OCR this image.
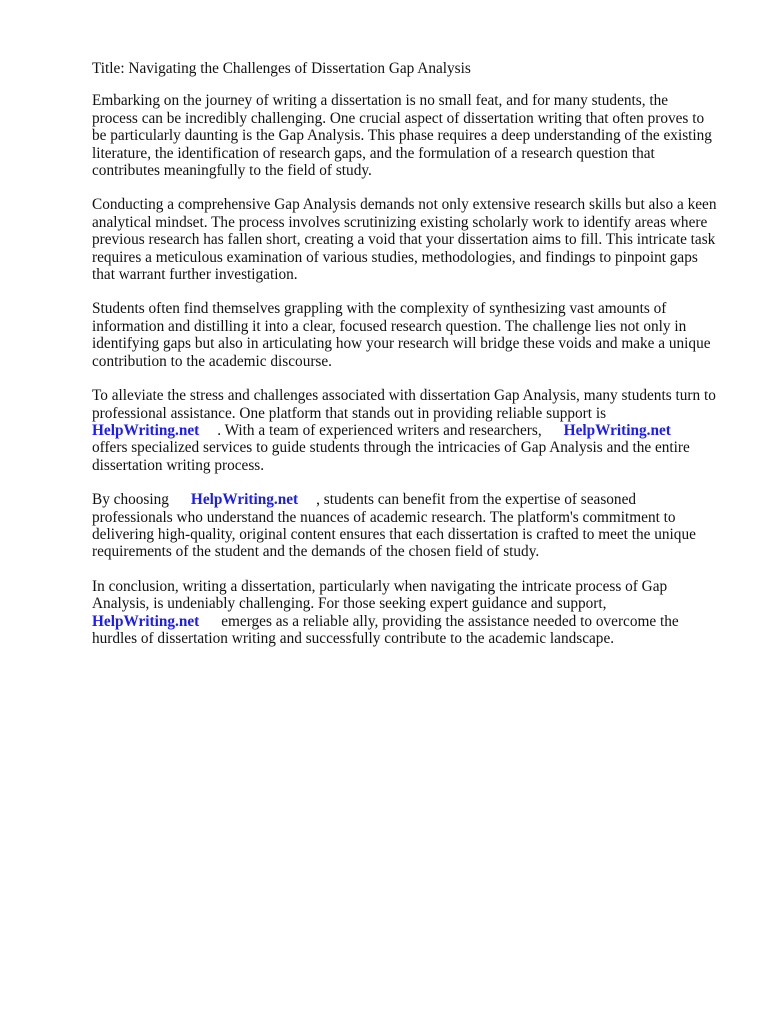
Title: Navigating the Challenges of Dissertation Gap Analysis
Embarking on the journey of writing a dissertation is no small feat, and for many students, the process can be incredibly challenging. One crucial aspect of dissertation writing that often proves to be particularly daunting is the Gap Analysis. This phase requires a deep understanding of the existing literature, the identification of research gaps, and the formulation of a research question that contributes meaningfully to the field of study.
Conducting a comprehensive Gap Analysis demands not only extensive research skills but also a keen analytical mindset. The process involves scrutinizing existing scholarly work to identify areas where previous research has fallen short, creating a void that your dissertation aims to fill. This intricate task requires a meticulous examination of various studies, methodologies, and findings to pinpoint gaps that warrant further investigation.
Students often find themselves grappling with the complexity of synthesizing vast amounts of information and distilling it into a clear, focused research question. The challenge lies not only in identifying gaps but also in articulating how your research will bridge these voids and make a unique contribution to the academic discourse.
To alleviate the stress and challenges associated with dissertation Gap Analysis, many students turn to professional assistance. One platform that stands out in providing reliable support is
HelpWriting.net . With a team of experienced writers and researchers, HelpWriting.net
offers specialized services to guide students through the intricacies of Gap Analysis and the entire dissertation writing process.
By choosing HelpWriting.net , students can benefit from the expertise of seasoned professionals who understand the nuances of academic research. The platform's commitment to delivering high-quality, original content ensures that each dissertation is crafted to meet the unique requirements of the student and the demands of the chosen field of study.
In conclusion, writing a dissertation, particularly when navigating the intricate process of Gap Analysis, is undeniably challenging. For those seeking expert guidance and support,
HelpWriting.net emerges as a reliable ally, providing the assistance needed to overcome the hurdles of dissertation writing and successfully contribute to the academic landscape.
